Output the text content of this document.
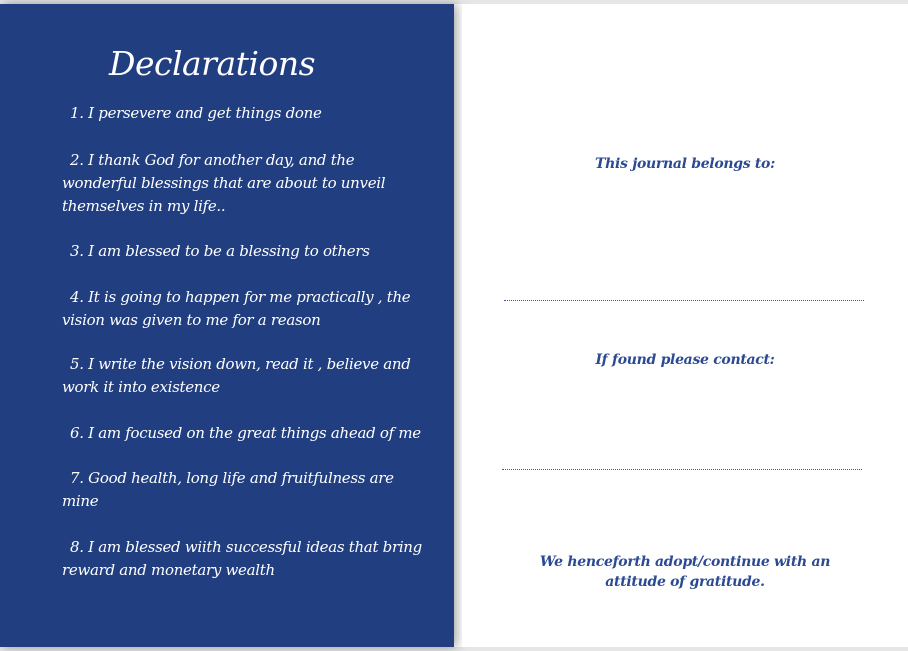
Declarations

1. I persevere and get things done

2. I thank God for another day, and the wonderful blessings that are about to unveil themselves in my life..

3. I am blessed to be a blessing to others

4. It is going to happen for me practically , the vision was given to me for a reason

5. I write the vision down, read it , believe and work it into existence

6. I am focused on the great things ahead of me

7. Good health, long life and fruitfulness are mine

8. I am blessed wiith successful ideas that bring reward and monetary wealth

This journal belongs to:

If found please contact:

We henceforth adopt/continue with an attitude of gratitude.
